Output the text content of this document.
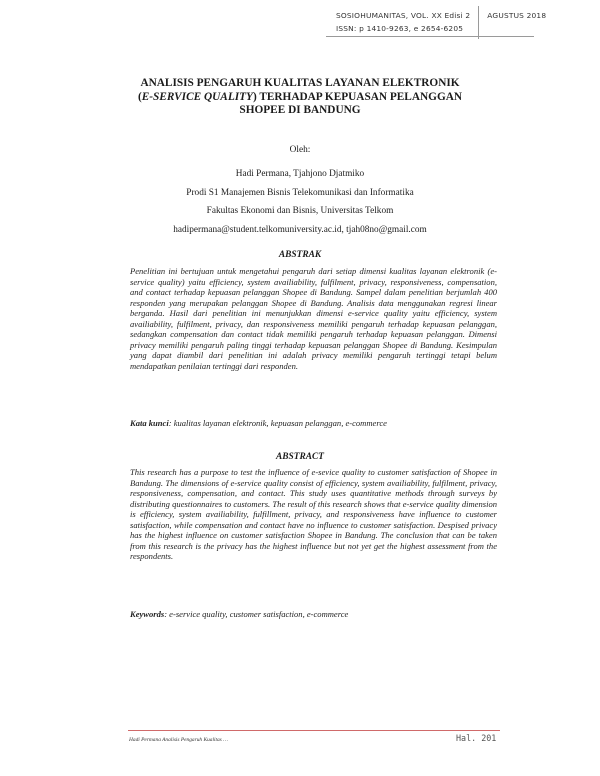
SOSIOHUMANITAS, VOL. XX Edisi 2
ISSN: p 1410-9263, e 2654-6205
AGUSTUS 2018
ANALISIS PENGARUH KUALITAS LAYANAN ELEKTRONIK
(E-SERVICE QUALITY) TERHADAP KEPUASAN PELANGGAN
SHOPEE DI BANDUNG
Oleh:
Hadi Permana, Tjahjono Djatmiko
Prodi S1 Manajemen Bisnis Telekomunikasi dan Informatika
Fakultas Ekonomi dan Bisnis, Universitas Telkom
hadipermana@student.telkomuniversity.ac.id, tjah08no@gmail.com
ABSTRAK
Penelitian ini bertujuan untuk mengetahui pengaruh dari setiap dimensi kualitas layanan elektronik (e-service quality) yaitu efficiency, system availiability, fulfilment, privacy, responsiveness, compensation, and contact terhadap kepuasan pelanggan Shopee di Bandung. Sampel dalam penelitian berjumlah 400 responden yang merupakan pelanggan Shopee di Bandung. Analisis data menggunakan regresi linear berganda. Hasil dari penelitian ini menunjukkan dimensi e-service quality yaitu efficiency, system availiability, fulfilment, privacy, dan responsiveness memiliki pengaruh terhadap kepuasan pelanggan, sedangkan compensation dan contact tidak memiliki pengaruh terhadap kepuasan pelanggan. Dimensi privacy memiliki pengaruh paling tinggi terhadap kepuasan pelanggan Shopee di Bandung. Kesimpulan yang dapat diambil dari penelitian ini adalah privacy memiliki pengaruh tertinggi tetapi belum mendapatkan penilaian tertinggi dari responden.
Kata kunci: kualitas layanan elektronik, kepuasan pelanggan, e-commerce
ABSTRACT
This research has a purpose to test the influence of e-sevice quality to customer satisfaction of Shopee in Bandung. The dimensions of e-service quality consist of efficiency, system availiability, fulfilment, privacy, responsiveness, compensation, and contact. This study uses quantitative methods through surveys by distributing questionnaires to customers. The result of this research shows that e-service quality dimension is efficiency, system availiability, fulfillment, privacy, and responsiveness have influence to customer satisfaction, while compensation and contact have no influence to customer satisfaction. Despised privacy has the highest influence on customer satisfaction Shopee in Bandung. The conclusion that can be taken from this research is the privacy has the highest influence but not yet get the highest assessment from the respondents.
Keywords: e-service quality, customer satisfaction, e-commerce
Hadi Permana Analisis Pengaruh Kualitas …	Hal. 201
